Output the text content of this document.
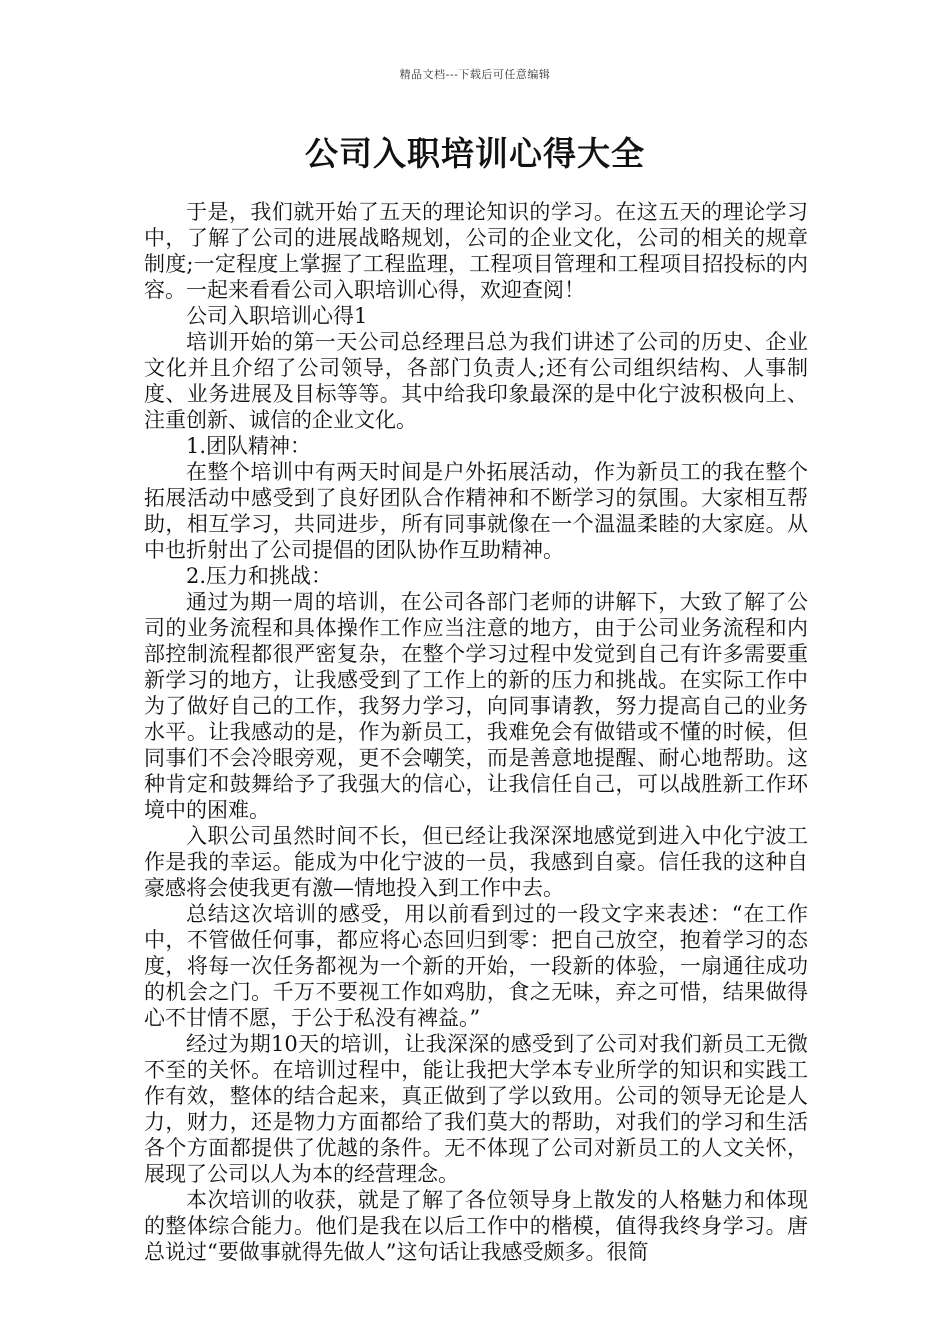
精品文档---下载后可任意编辑
公司入职培训心得大全

于是，我们就开始了五天的理论知识的学习。在这五天的理论学习中，了解了公司的进展战略规划，公司的企业文化，公司的相关的规章制度;一定程度上掌握了工程监理，工程项目管理和工程项目招投标的内容。一起来看看公司入职培训心得，欢迎查阅！

公司入职培训心得1

培训开始的第一天公司总经理吕总为我们讲述了公司的历史、企业文化并且介绍了公司领导，各部门负责人;还有公司组织结构、人事制度、业务进展及目标等等。其中给我印象最深的是中化宁波积极向上、注重创新、诚信的企业文化。

1.团队精神：

在整个培训中有两天时间是户外拓展活动，作为新员工的我在整个拓展活动中感受到了良好团队合作精神和不断学习的氛围。大家相互帮助，相互学习，共同进步，所有同事就像在一个温温柔睦的大家庭。从中也折射出了公司提倡的团队协作互助精神。

2.压力和挑战：

通过为期一周的培训，在公司各部门老师的讲解下，大致了解了公司的业务流程和具体操作工作应当注意的地方，由于公司业务流程和内部控制流程都很严密复杂，在整个学习过程中发觉到自己有许多需要重新学习的地方，让我感受到了工作上的新的压力和挑战。在实际工作中为了做好自己的工作，我努力学习，向同事请教，努力提高自己的业务水平。让我感动的是，作为新员工，我难免会有做错或不懂的时候，但同事们不会冷眼旁观，更不会嘲笑，而是善意地提醒、耐心地帮助。这种肯定和鼓舞给予了我强大的信心，让我信任自己，可以战胜新工作环境中的困难。

入职公司虽然时间不长，但已经让我深深地感觉到进入中化宁波工作是我的幸运。能成为中化宁波的一员，我感到自豪。信任我的这种自豪感将会使我更有激—情地投入到工作中去。

总结这次培训的感受，用以前看到过的一段文字来表述：“在工作中，不管做任何事，都应将心态回归到零：把自己放空，抱着学习的态度，将每一次任务都视为一个新的开始，一段新的体验，一扇通往成功的机会之门。千万不要视工作如鸡肋，食之无味，弃之可惜，结果做得心不甘情不愿，于公于私没有裨益。”

经过为期10天的培训，让我深深的感受到了公司对我们新员工无微不至的关怀。在培训过程中，能让我把大学本专业所学的知识和实践工作有效，整体的结合起来，真正做到了学以致用。公司的领导无论是人力，财力，还是物力方面都给了我们莫大的帮助，对我们的学习和生活各个方面都提供了优越的条件。无不体现了公司对新员工的人文关怀，展现了公司以人为本的经营理念。

本次培训的收获，就是了解了各位领导身上散发的人格魅力和体现的整体综合能力。他们是我在以后工作中的楷模，值得我终身学习。唐总说过“要做事就得先做人”这句话让我感受颇多。很简
